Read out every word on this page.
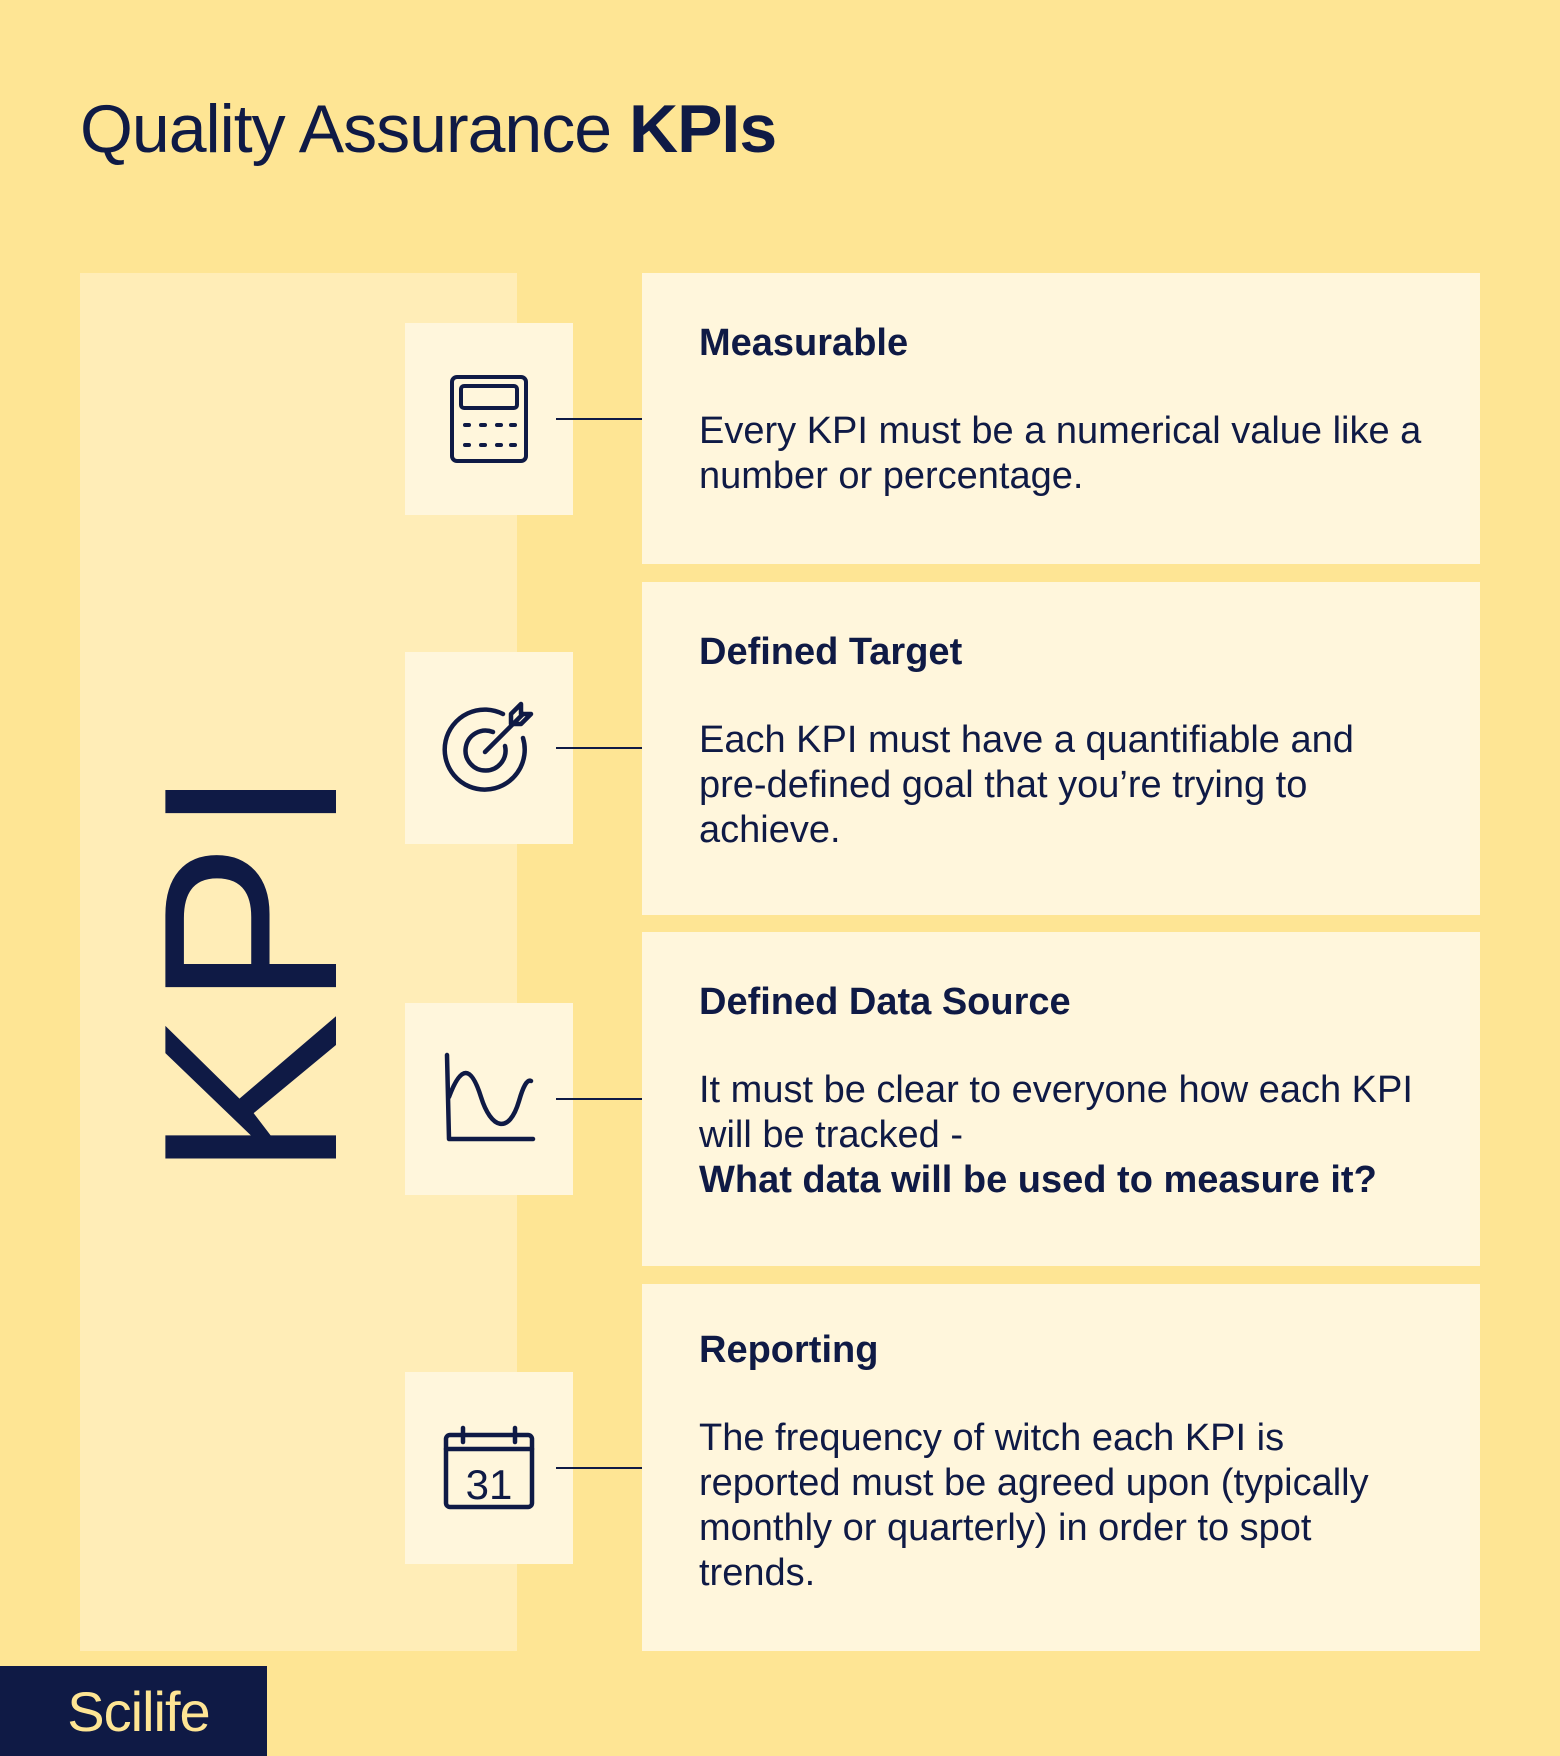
Quality Assurance KPIs
KPI
Measurable
Every KPI must be a numerical value like a number or percentage.
Defined Target
Each KPI must have a quantifiable and pre-defined goal that you’re trying to achieve.
Defined Data Source
It must be clear to everyone how each KPI will be tracked -
What data will be used to measure it?
31
Reporting
The frequency of witch each KPI is reported must be agreed upon (typically monthly or quarterly) in order to spot trends.
Scilife
